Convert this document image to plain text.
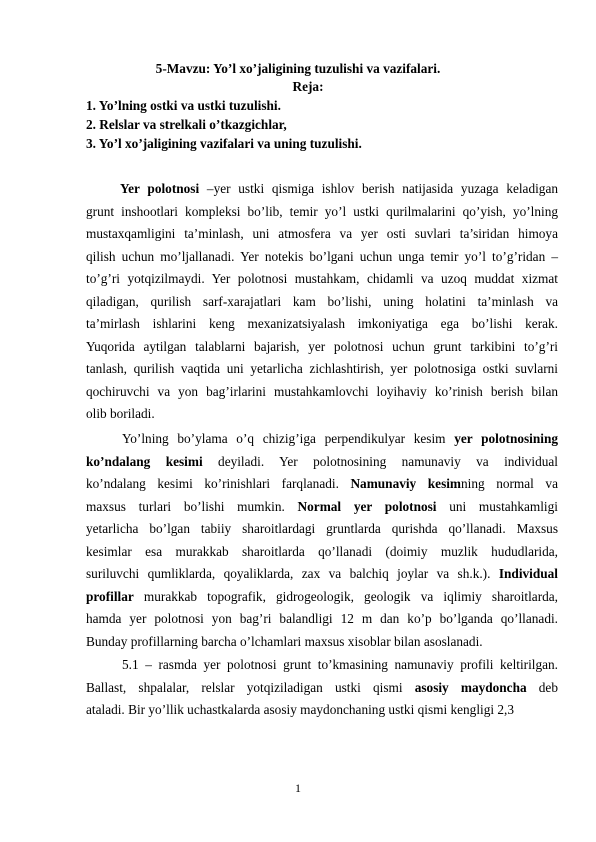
5-Mavzu: Yo’l xo’jaligining tuzulishi va vazifalari.
Reja:
1. Yo’lning ostki va ustki tuzulishi.
2. Relslar va strelkali o’tkazgichlar,
3. Yo’l xo’jaligining vazifalari va uning tuzulishi.
Yer polotnosi –yer ustki qismiga ishlov berish natijasida yuzaga keladigan
grunt inshootlari kompleksi bo’lib, temir yo’l ustki qurilmalarini qo’yish, yo’lning
mustaxqamligini ta’minlash, uni atmosfera va yer osti suvlari ta’siridan himoya
qilish uchun mo’ljallanadi. Yer notekis bo’lgani uchun unga temir yo’l to’g’ridan –
to’g’ri yotqizilmaydi. Yer polotnosi mustahkam, chidamli va uzoq muddat xizmat
qiladigan, qurilish sarf-xarajatlari kam bo’lishi, uning holatini ta’minlash va
ta’mirlash ishlarini keng mexanizatsiyalash imkoniyatiga ega bo’lishi kerak.
Yuqorida aytilgan talablarni bajarish, yer polotnosi uchun grunt tarkibini to’g’ri
tanlash, qurilish vaqtida uni yetarlicha zichlashtirish, yer polotnosiga ostki suvlarni
qochiruvchi va yon bag’irlarini mustahkamlovchi loyihaviy ko’rinish berish bilan
olib boriladi.
Yo’lning bo’ylama o’q chizig’iga perpendikulyar kesim yer polotnosining
ko’ndalang kesimi deyiladi. Yer polotnosining namunaviy va individual
ko’ndalang kesimi ko’rinishlari farqlanadi. Namunaviy kesimning normal va
maxsus turlari bo’lishi mumkin. Normal yer polotnosi uni mustahkamligi
yetarlicha bo’lgan tabiiy sharoitlardagi gruntlarda qurishda qo’llanadi. Maxsus
kesimlar esa murakkab sharoitlarda qo’llanadi (doimiy muzlik hududlarida,
suriluvchi qumliklarda, qoyaliklarda, zax va balchiq joylar va sh.k.). Individual
profillar murakkab topografik, gidrogeologik, geologik va iqlimiy sharoitlarda,
hamda yer polotnosi yon bag’ri balandligi 12 m dan ko’p bo’lganda qo’llanadi.
Bunday profillarning barcha o’lchamlari maxsus xisoblar bilan asoslanadi.
5.1 – rasmda yer polotnosi grunt to’kmasining namunaviy profili keltirilgan.
Ballast, shpalalar, relslar yotqiziladigan ustki qismi asosiy maydoncha deb
ataladi. Bir yo’llik uchastkalarda asosiy maydonchaning ustki qismi kengligi 2,3
1
